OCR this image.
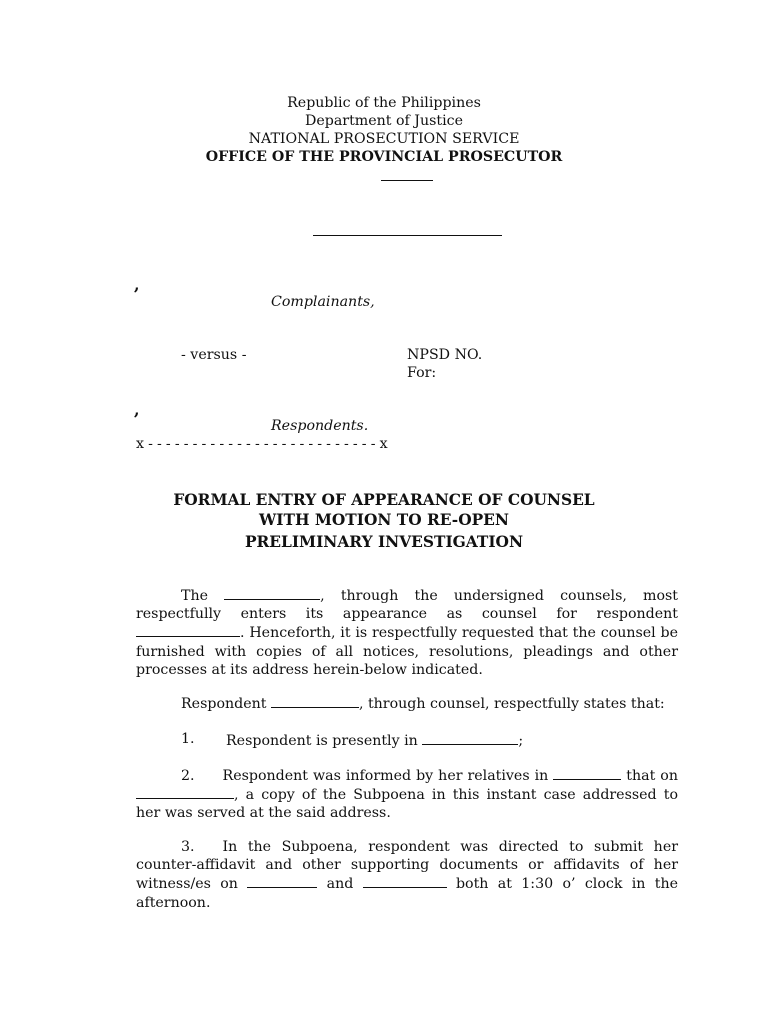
Republic of the Philippines
Department of Justice
NATIONAL PROSECUTION SERVICE
OFFICE OF THE PROVINCIAL PROSECUTOR
,
Complainants,
- versus -	NPSD NO.
For:
,
Respondents.
x - - - - - - - - - - - - - - - - - - - - - - - - - - x
FORMAL ENTRY OF APPEARANCE OF COUNSEL
WITH MOTION TO RE-OPEN
PRELIMINARY INVESTIGATION
The	, through the undersigned counsels, most respectfully enters its appearance as counsel for respondent . Henceforth, it is respectfully requested that the counsel be furnished with copies of all notices, resolutions, pleadings and other processes at its address herein-below indicated.
Respondent	, through counsel, respectfully states that:
1. Respondent is presently in	;
2. Respondent was informed by her relatives in	that on , a copy of the Subpoena in this instant case addressed to her was served at the said address.
3. In the Subpoena, respondent was directed to submit her counter-affidavit and other supporting documents or affidavits of her witness/es on	and	both at 1:30 o’ clock in the afternoon.
